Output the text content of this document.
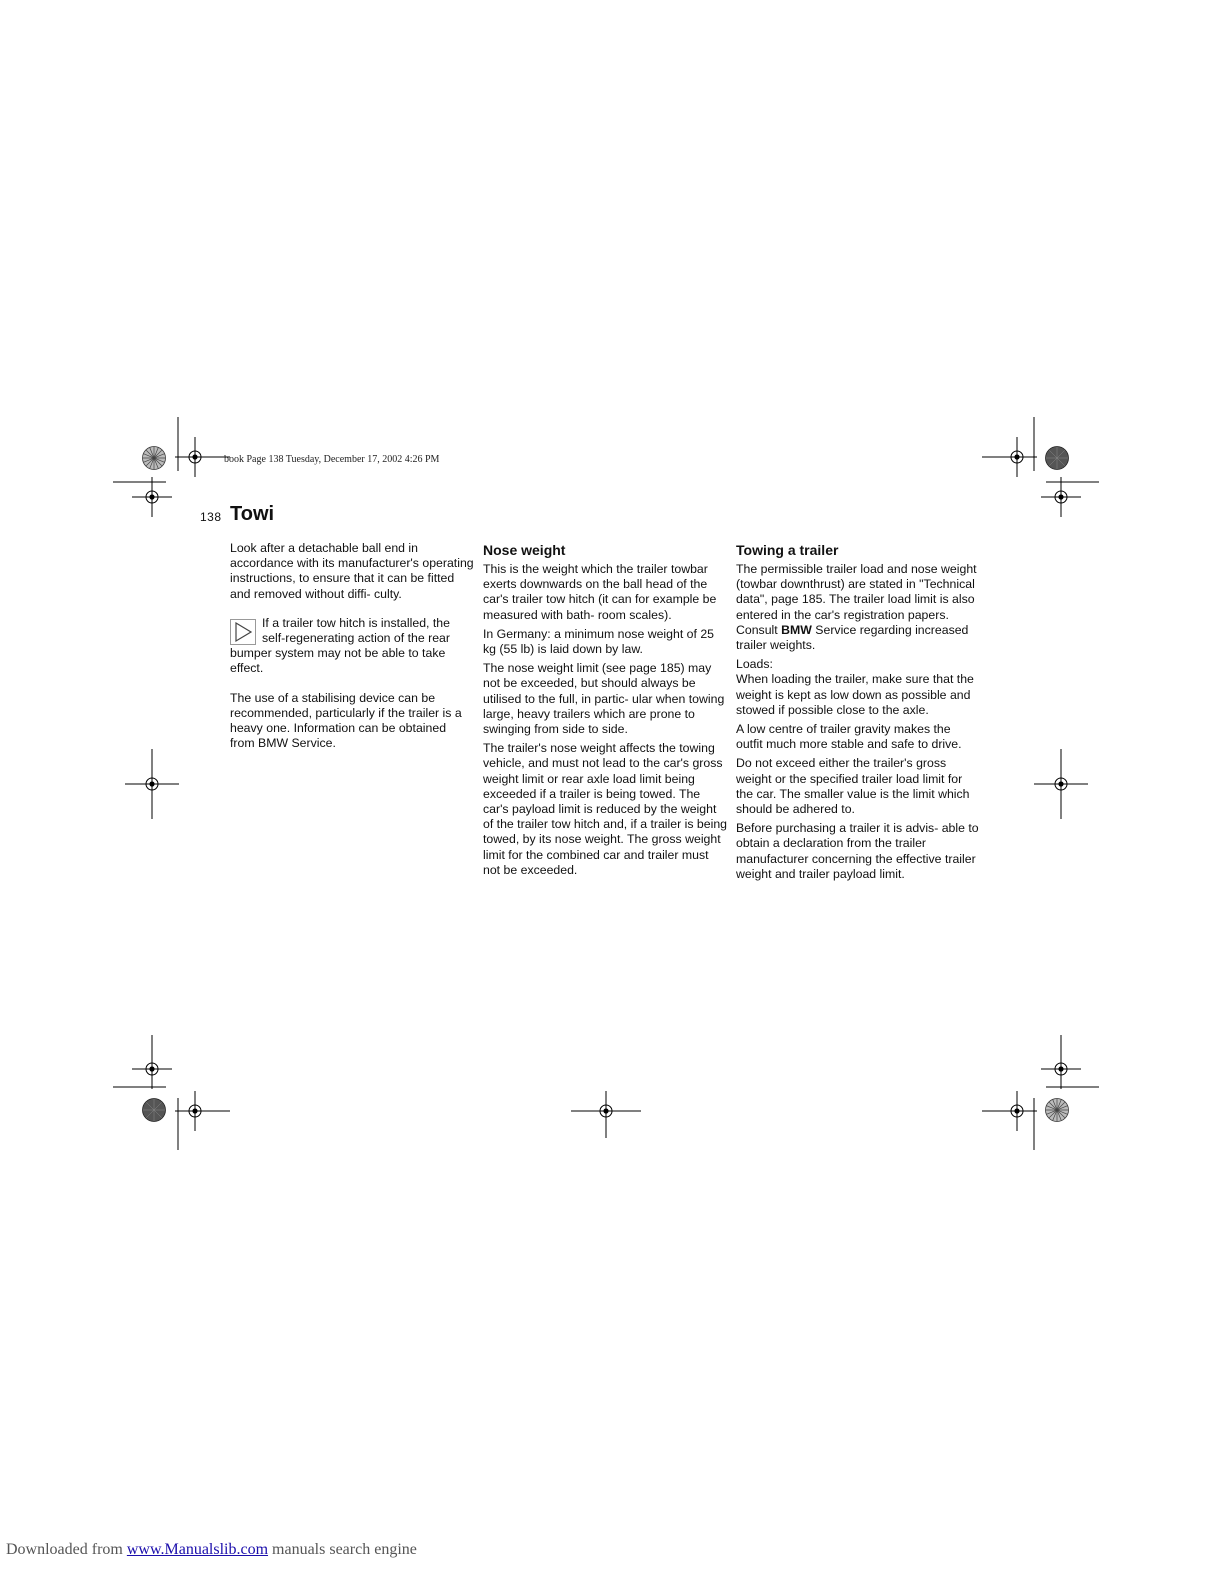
book Page 138 Tuesday, December 17, 2002 4:26 PM
138 Towi

Look after a detachable ball end in accordance with its manufacturer's operating instructions, to ensure that it can be fitted and removed without diffi- culty.

If a trailer tow hitch is installed, the self-regenerating action of the rear bumper system may not be able to take effect.

The use of a stabilising device can be recommended, particularly if the trailer is a heavy one. Information can be obtained from BMW Service.

Nose weight

This is the weight which the trailer towbar exerts downwards on the ball head of the car's trailer tow hitch (it can for example be measured with bath- room scales).

In Germany: a minimum nose weight of 25 kg (55 lb) is laid down by law.

The nose weight limit (see page 185) may not be exceeded, but should always be utilised to the full, in partic- ular when towing large, heavy trailers which are prone to swinging from side to side.

The trailer's nose weight affects the towing vehicle, and must not lead to the car's gross weight limit or rear axle load limit being exceeded if a trailer is being towed. The car's payload limit is reduced by the weight of the trailer tow hitch and, if a trailer is being towed, by its nose weight. The gross weight limit for the combined car and trailer must not be exceeded.

Towing a trailer

The permissible trailer load and nose weight (towbar downthrust) are stated in "Technical data", page 185. The trailer load limit is also entered in the car's registration papers. Consult BMW Service regarding increased trailer weights.

Loads:

When loading the trailer, make sure that the weight is kept as low down as possible and stowed if possible close to the axle.

A low centre of trailer gravity makes the outfit much more stable and safe to drive.

Do not exceed either the trailer's gross weight or the specified trailer load limit for the car. The smaller value is the limit which should be adhered to.

Before purchasing a trailer it is advis- able to obtain a declaration from the trailer manufacturer concerning the effective trailer weight and trailer payload limit.

Downloaded from www.Manualslib.com manuals search engine
